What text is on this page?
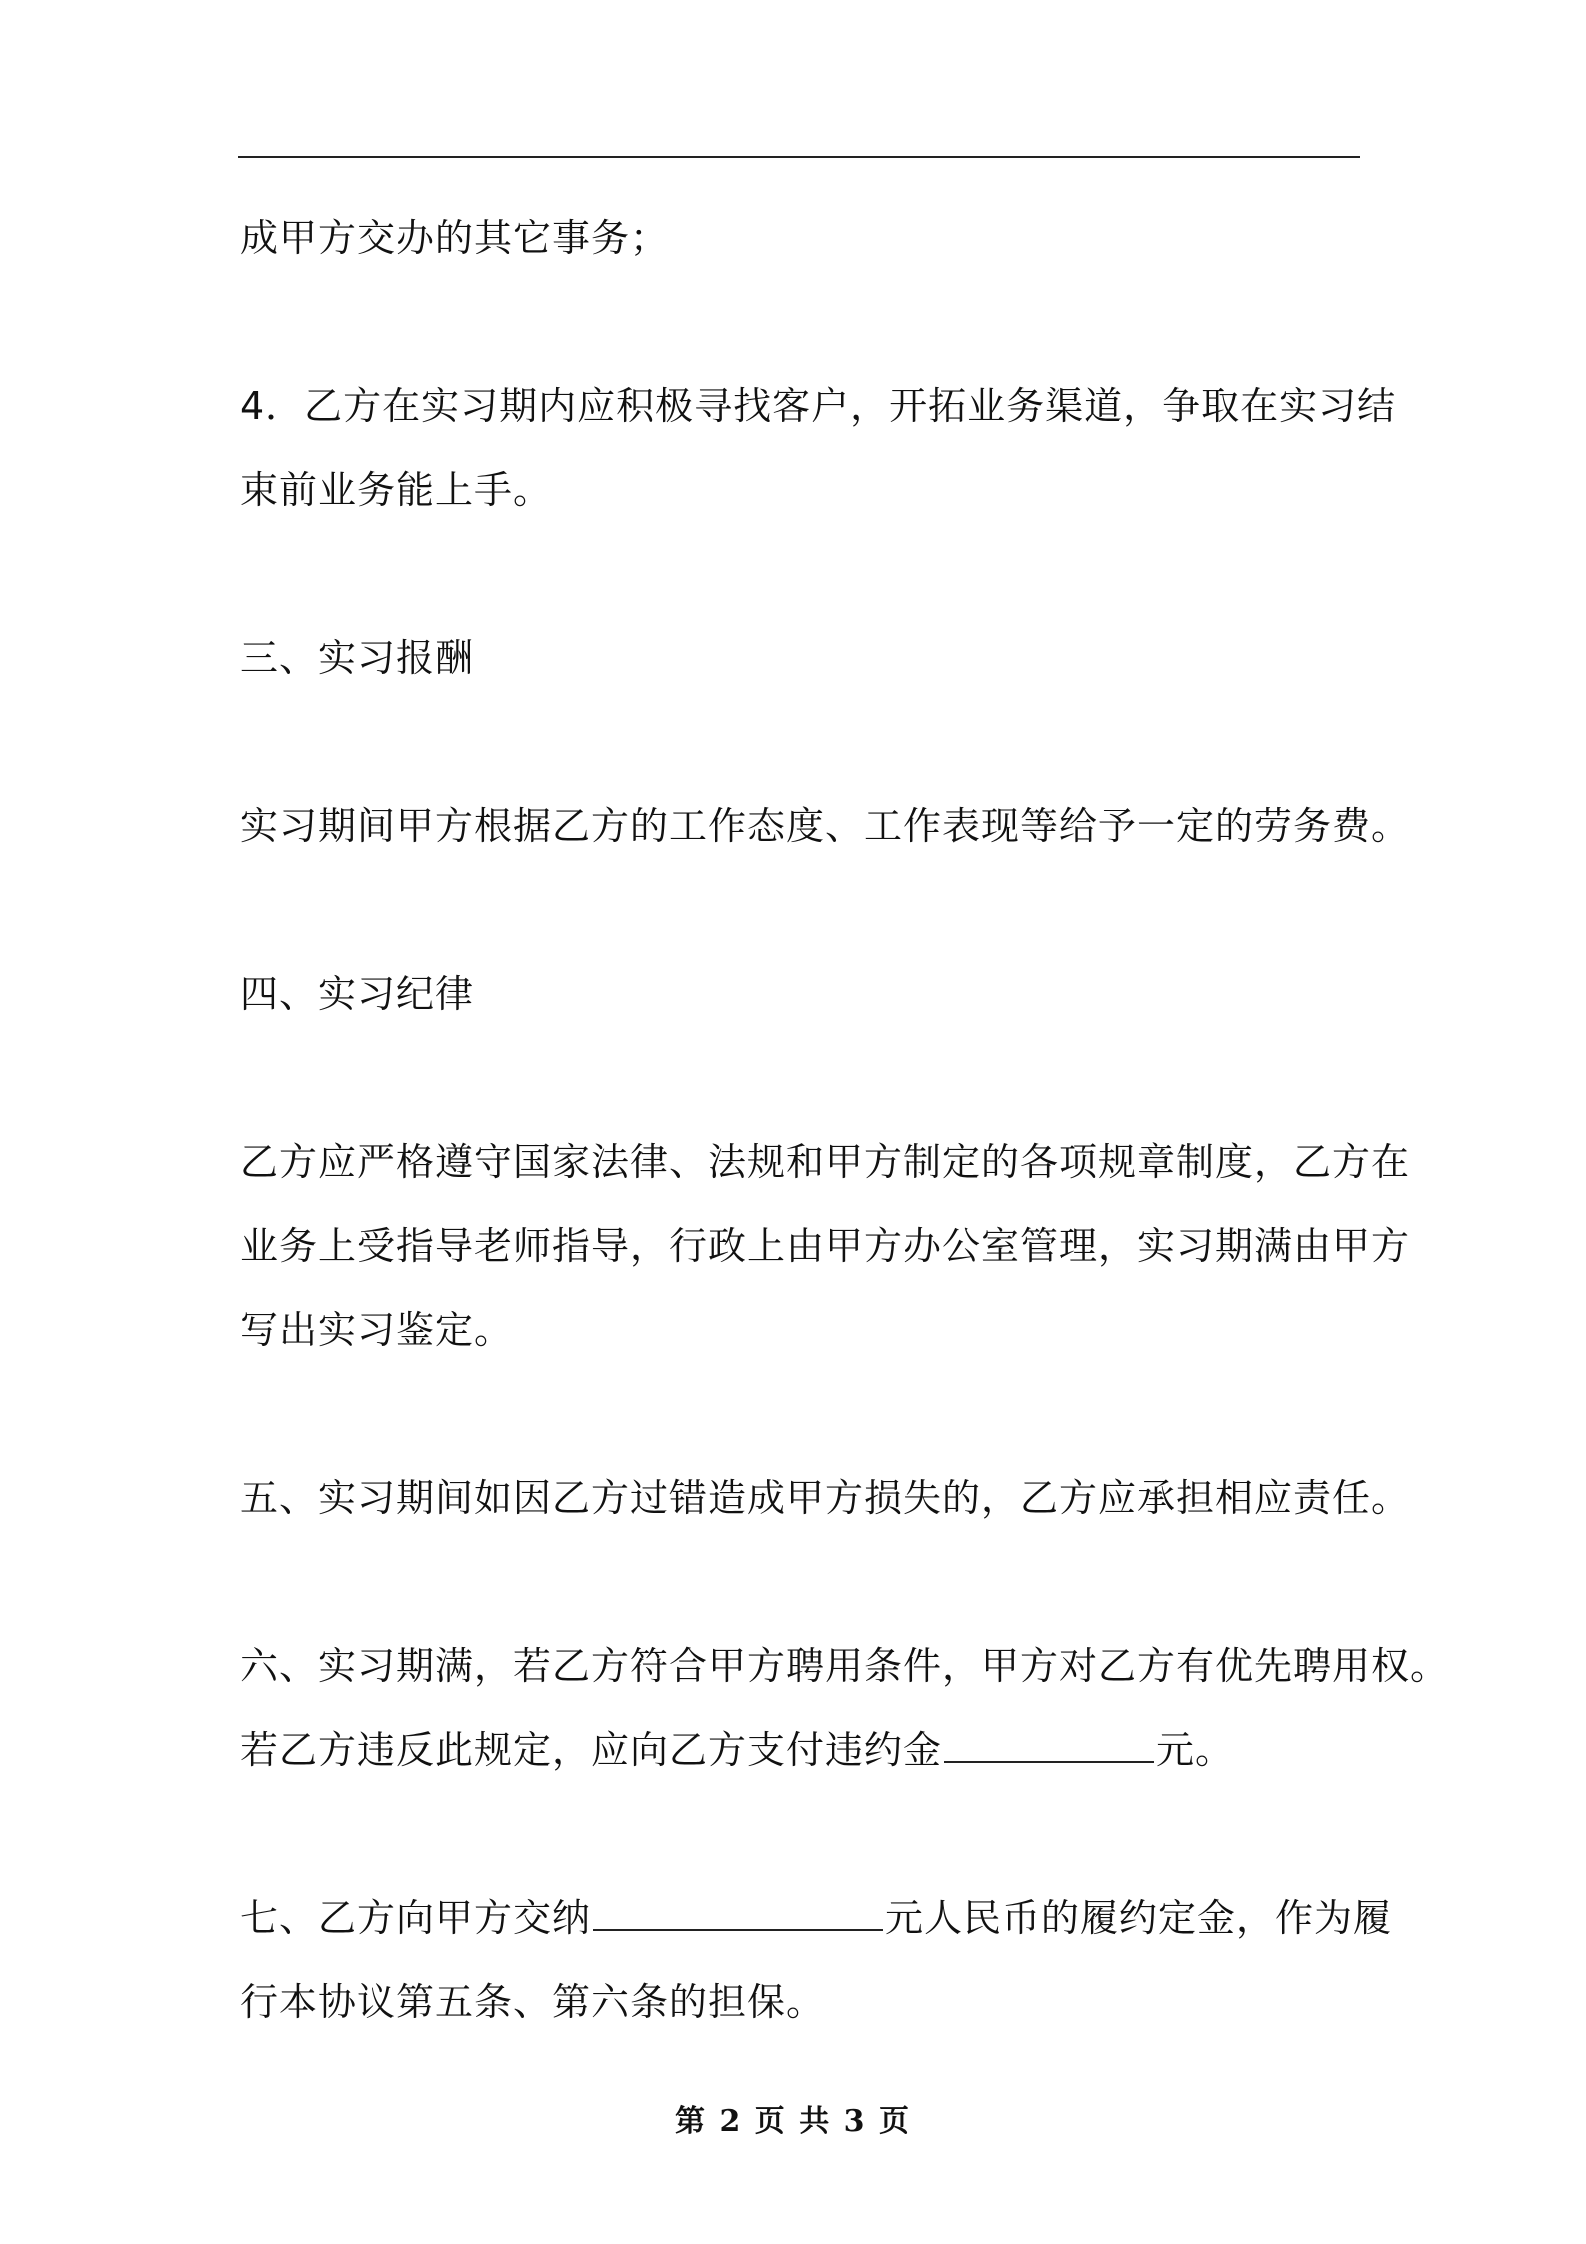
成甲方交办的其它事务；

4．乙方在实习期内应积极寻找客户，开拓业务渠道，争取在实习结

束前业务能上手。

三、实习报酬

实习期间甲方根据乙方的工作态度、工作表现等给予一定的劳务费。

四、实习纪律

乙方应严格遵守国家法律、法规和甲方制定的各项规章制度，乙方在

业务上受指导老师指导，行政上由甲方办公室管理，实习期满由甲方

写出实习鉴定。

五、实习期间如因乙方过错造成甲方损失的，乙方应承担相应责任。

六、实习期满，若乙方符合甲方聘用条件，甲方对乙方有优先聘用权。

若乙方违反此规定，应向乙方支付违约金	元。

七、乙方向甲方交纳	元人民币的履约定金，作为履

行本协议第五条、第六条的担保。

第 2 页 共 3 页
